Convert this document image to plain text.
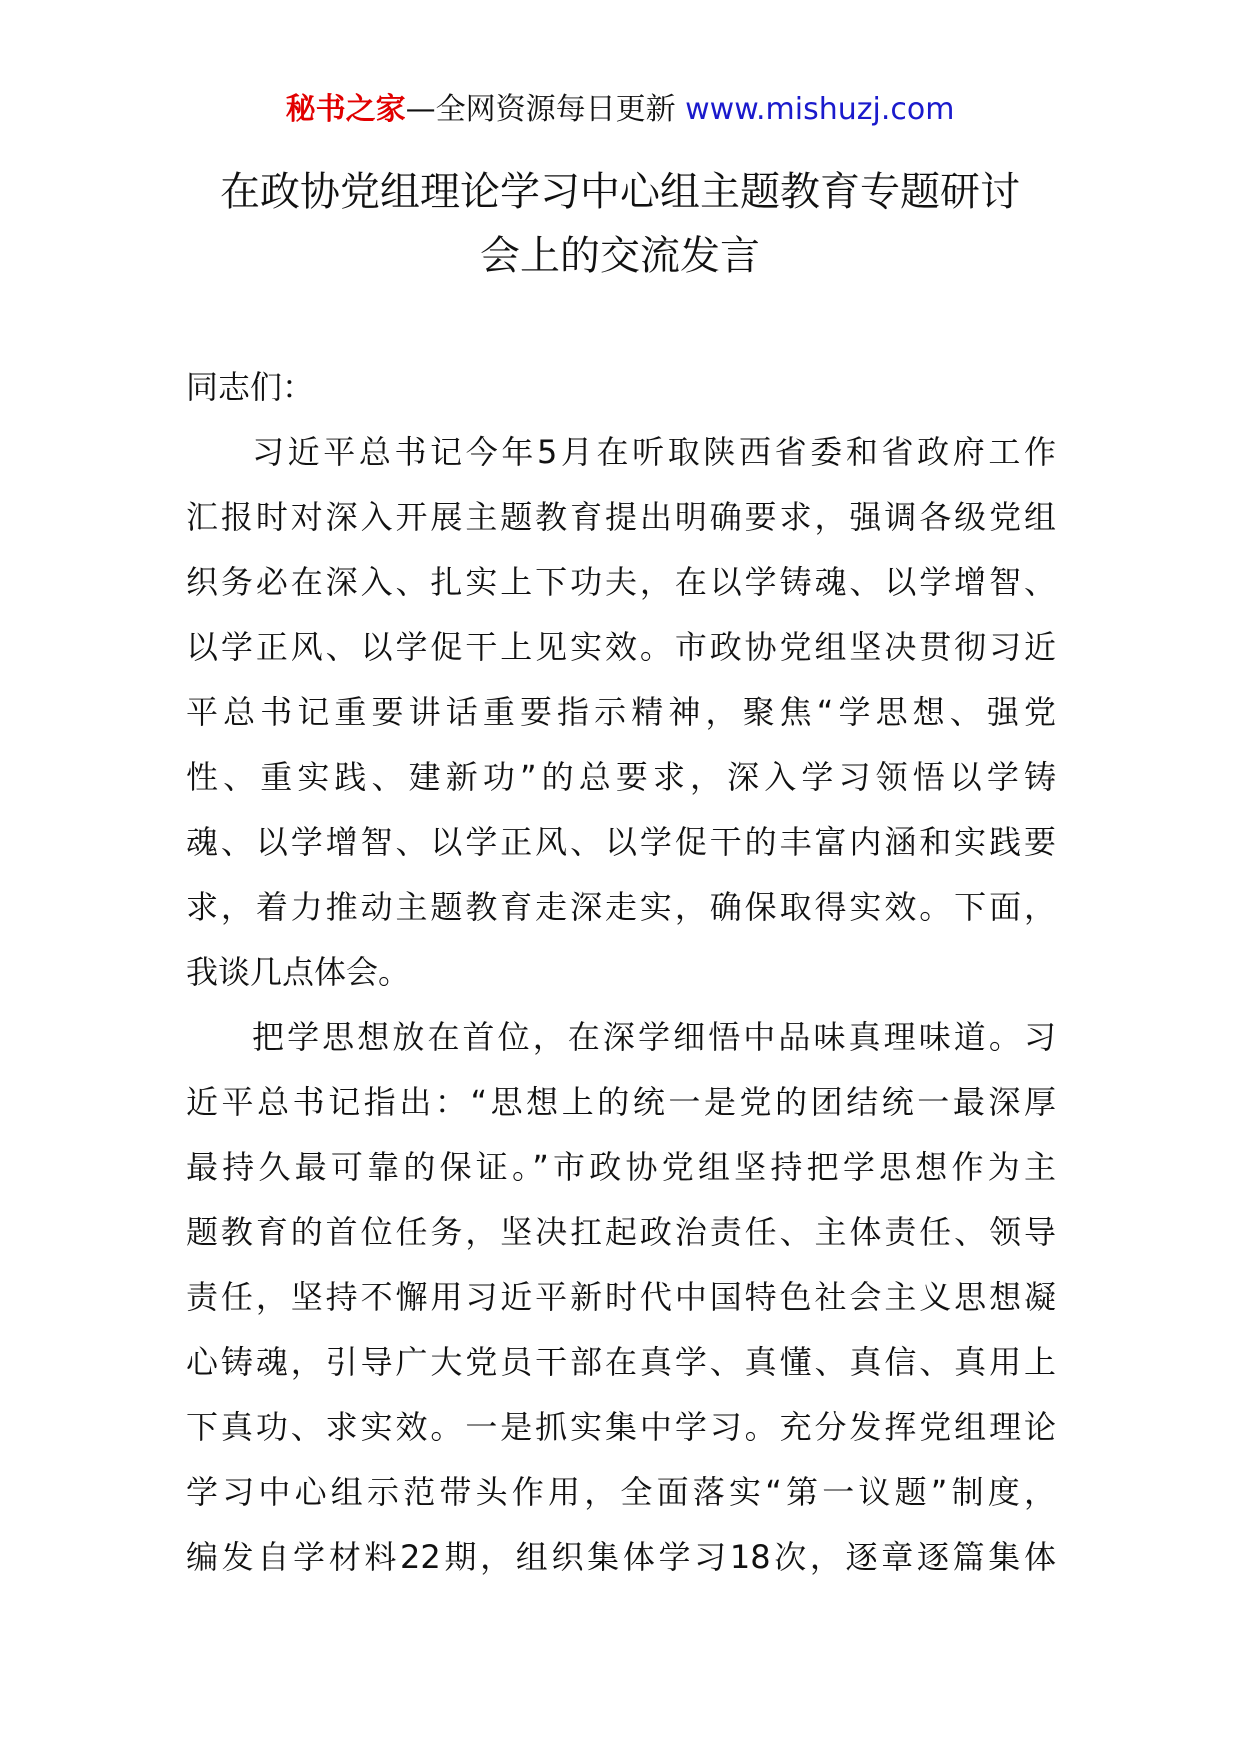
秘书之家—全网资源每日更新 www.mishuzj.com
在政协党组理论学习中心组主题教育专题研讨
会上的交流发言
同志们：
习近平总书记今年5月在听取陕西省委和省政府工作
汇报时对深入开展主题教育提出明确要求，强调各级党组
织务必在深入、扎实上下功夫，在以学铸魂、以学增智、
以学正风、以学促干上见实效。市政协党组坚决贯彻习近
平总书记重要讲话重要指示精神，聚焦“学思想、强党
性、重实践、建新功”的总要求，深入学习领悟以学铸
魂、以学增智、以学正风、以学促干的丰富内涵和实践要
求，着力推动主题教育走深走实，确保取得实效。下面，
我谈几点体会。
把学思想放在首位，在深学细悟中品味真理味道。习
近平总书记指出：“思想上的统一是党的团结统一最深厚
最持久最可靠的保证。”市政协党组坚持把学思想作为主
题教育的首位任务，坚决扛起政治责任、主体责任、领导
责任，坚持不懈用习近平新时代中国特色社会主义思想凝
心铸魂，引导广大党员干部在真学、真懂、真信、真用上
下真功、求实效。一是抓实集中学习。充分发挥党组理论
学习中心组示范带头作用，全面落实“第一议题”制度，
编发自学材料22期，组织集体学习18次，逐章逐篇集体
